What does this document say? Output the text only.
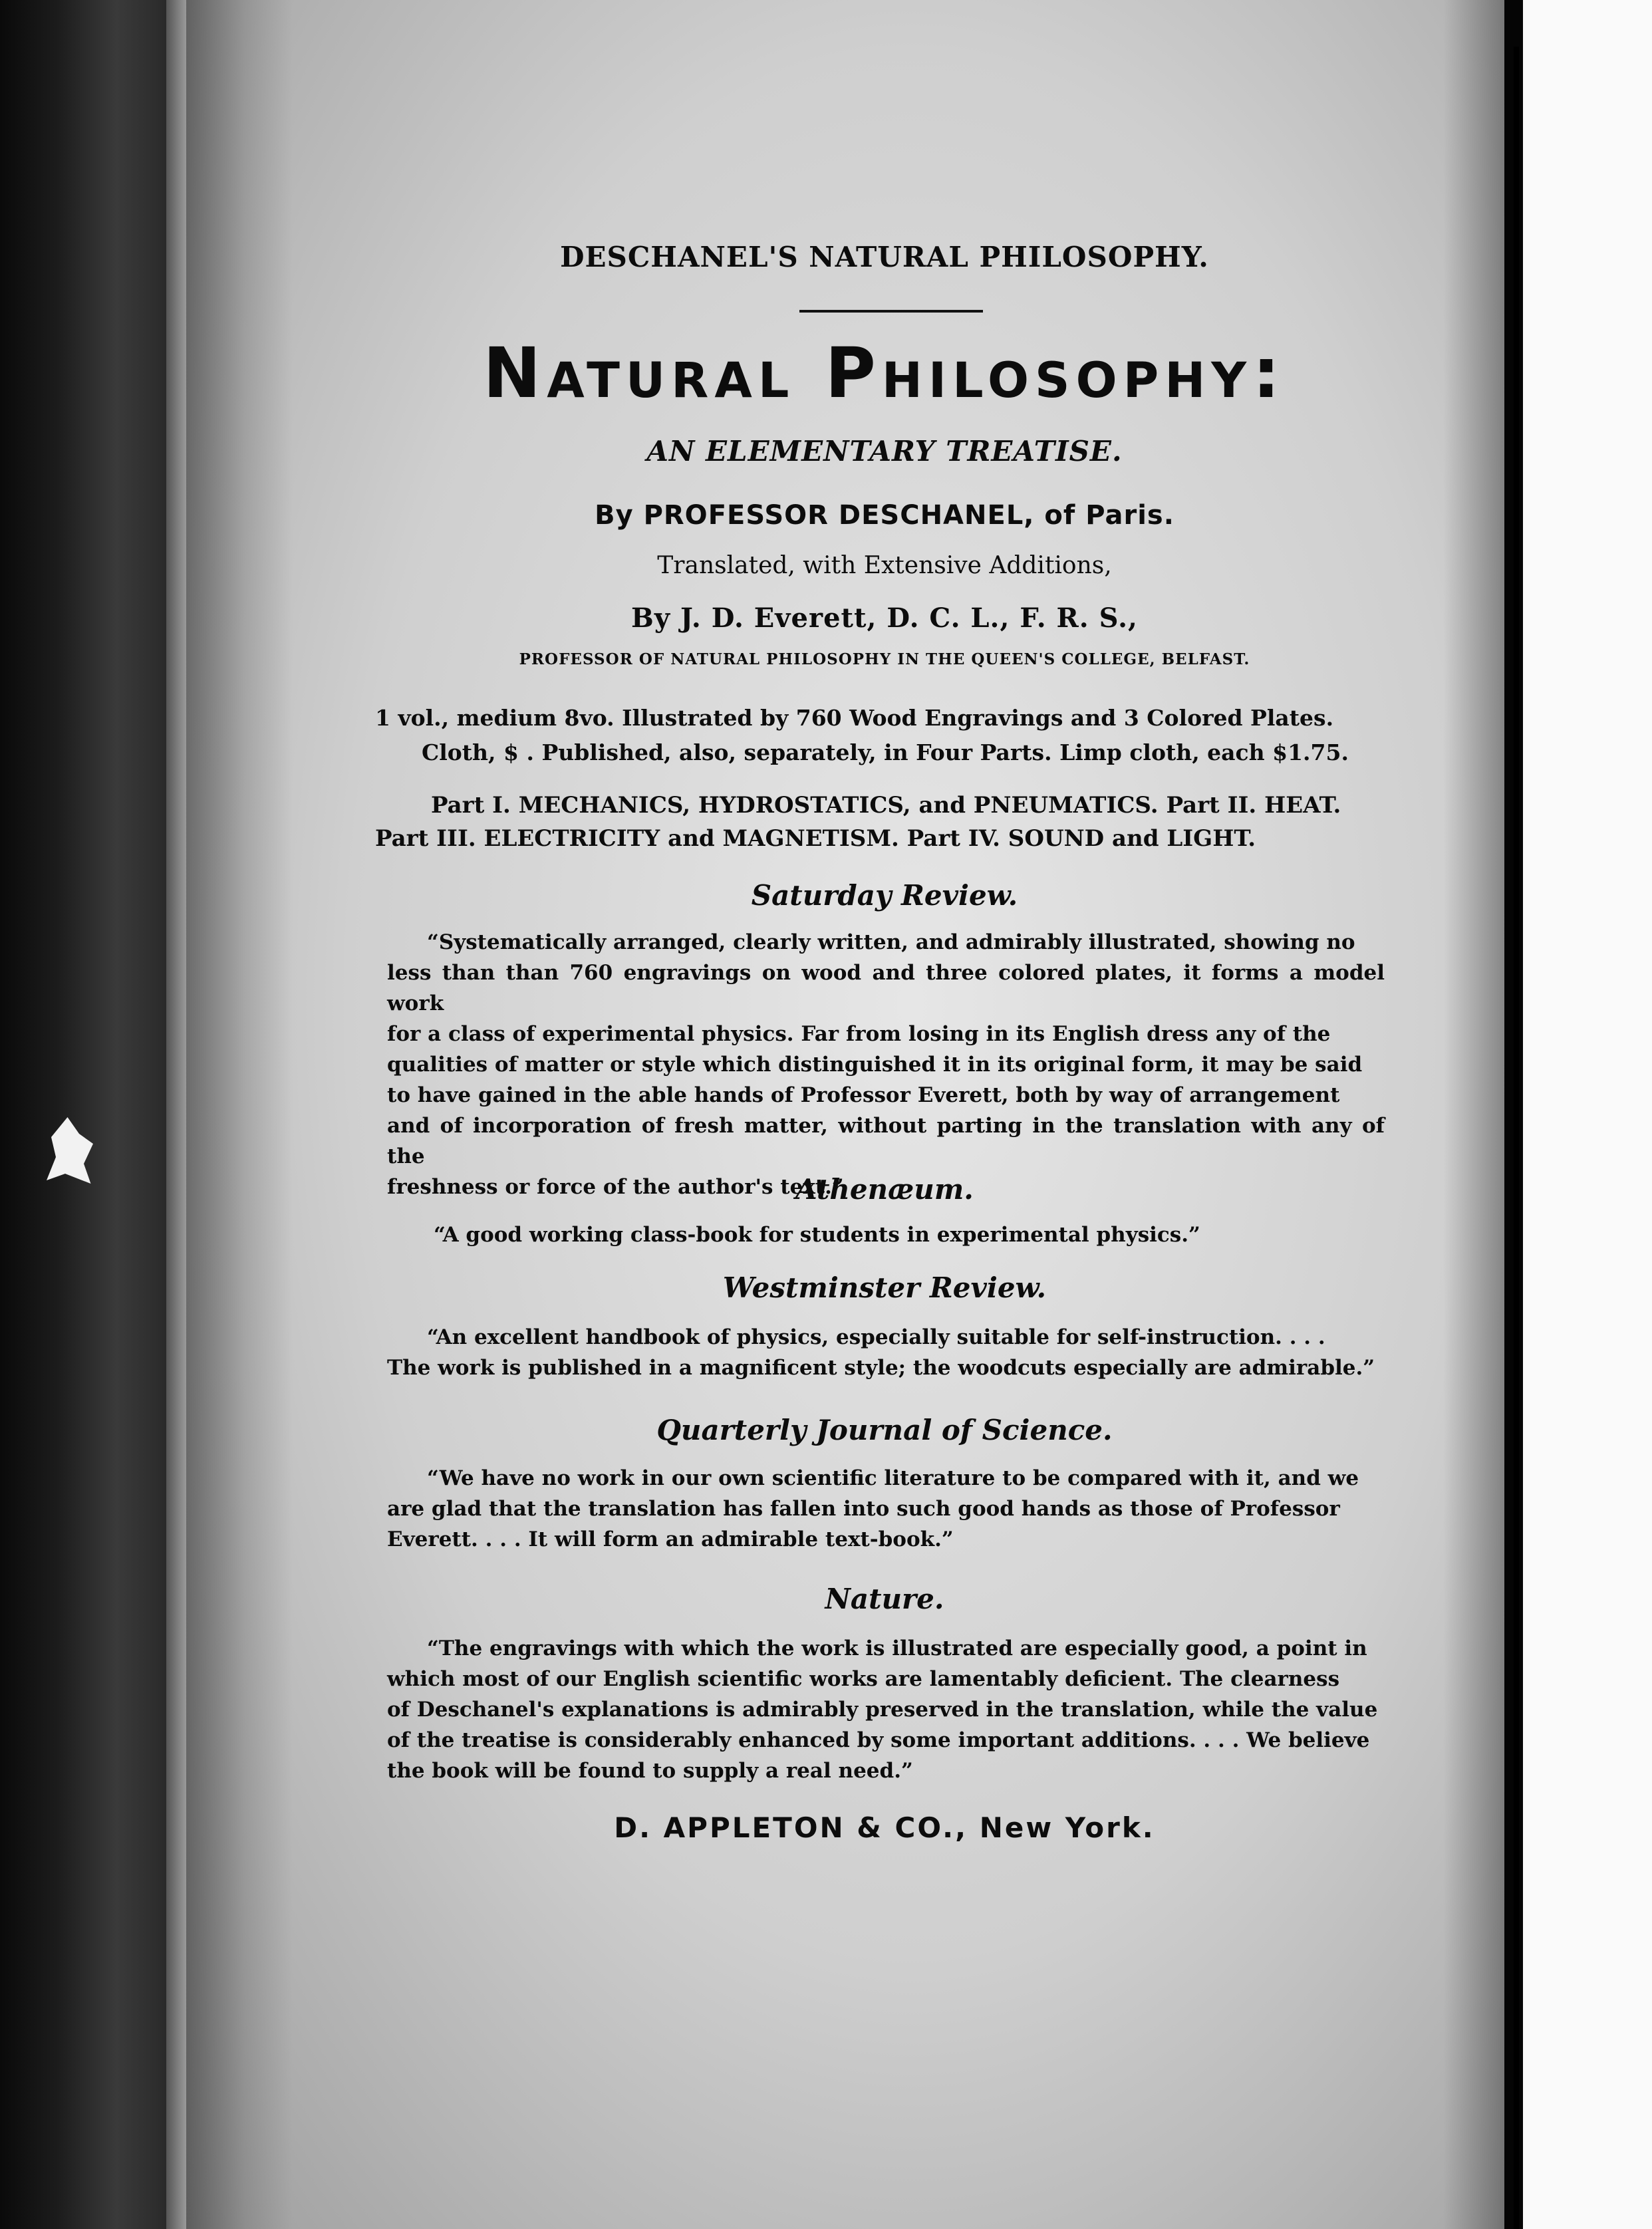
DESCHANEL'S NATURAL PHILOSOPHY.
Natural Philosophy:
AN ELEMENTARY TREATISE.
By PROFESSOR DESCHANEL, of Paris.
Translated, with Extensive Additions,
By J. D. Everett, D. C. L., F. R. S.,
PROFESSOR OF NATURAL PHILOSOPHY IN THE QUEEN'S COLLEGE, BELFAST.
1 vol., medium 8vo. Illustrated by 760 Wood Engravings and 3 Colored Plates.
Cloth, $ . Published, also, separately, in Four Parts. Limp cloth, each $1.75.
Part I. MECHANICS, HYDROSTATICS, and PNEUMATICS. Part II. HEAT.
Part III. ELECTRICITY and MAGNETISM. Part IV. SOUND and LIGHT.
Saturday Review.
“Systematically arranged, clearly written, and admirably illustrated, showing no
less than than 760 engravings on wood and three colored plates, it forms a model work
for a class of experimental physics. Far from losing in its English dress any of the
qualities of matter or style which distinguished it in its original form, it may be said
to have gained in the able hands of Professor Everett, both by way of arrangement
and of incorporation of fresh matter, without parting in the translation with any of the
freshness or force of the author's text.”
Athenæum.
“A good working class-book for students in experimental physics.”
Westminster Review.
“An excellent handbook of physics, especially suitable for self-instruction. . . .
The work is published in a magnificent style; the woodcuts especially are admirable.”
Quarterly Journal of Science.
“We have no work in our own scientific literature to be compared with it, and we
are glad that the translation has fallen into such good hands as those of Professor
Everett. . . . It will form an admirable text-book.”
Nature.
“The engravings with which the work is illustrated are especially good, a point in
which most of our English scientific works are lamentably deficient. The clearness
of Deschanel's explanations is admirably preserved in the translation, while the value
of the treatise is considerably enhanced by some important additions. . . . We believe
the book will be found to supply a real need.”
D. APPLETON & CO., New York.
